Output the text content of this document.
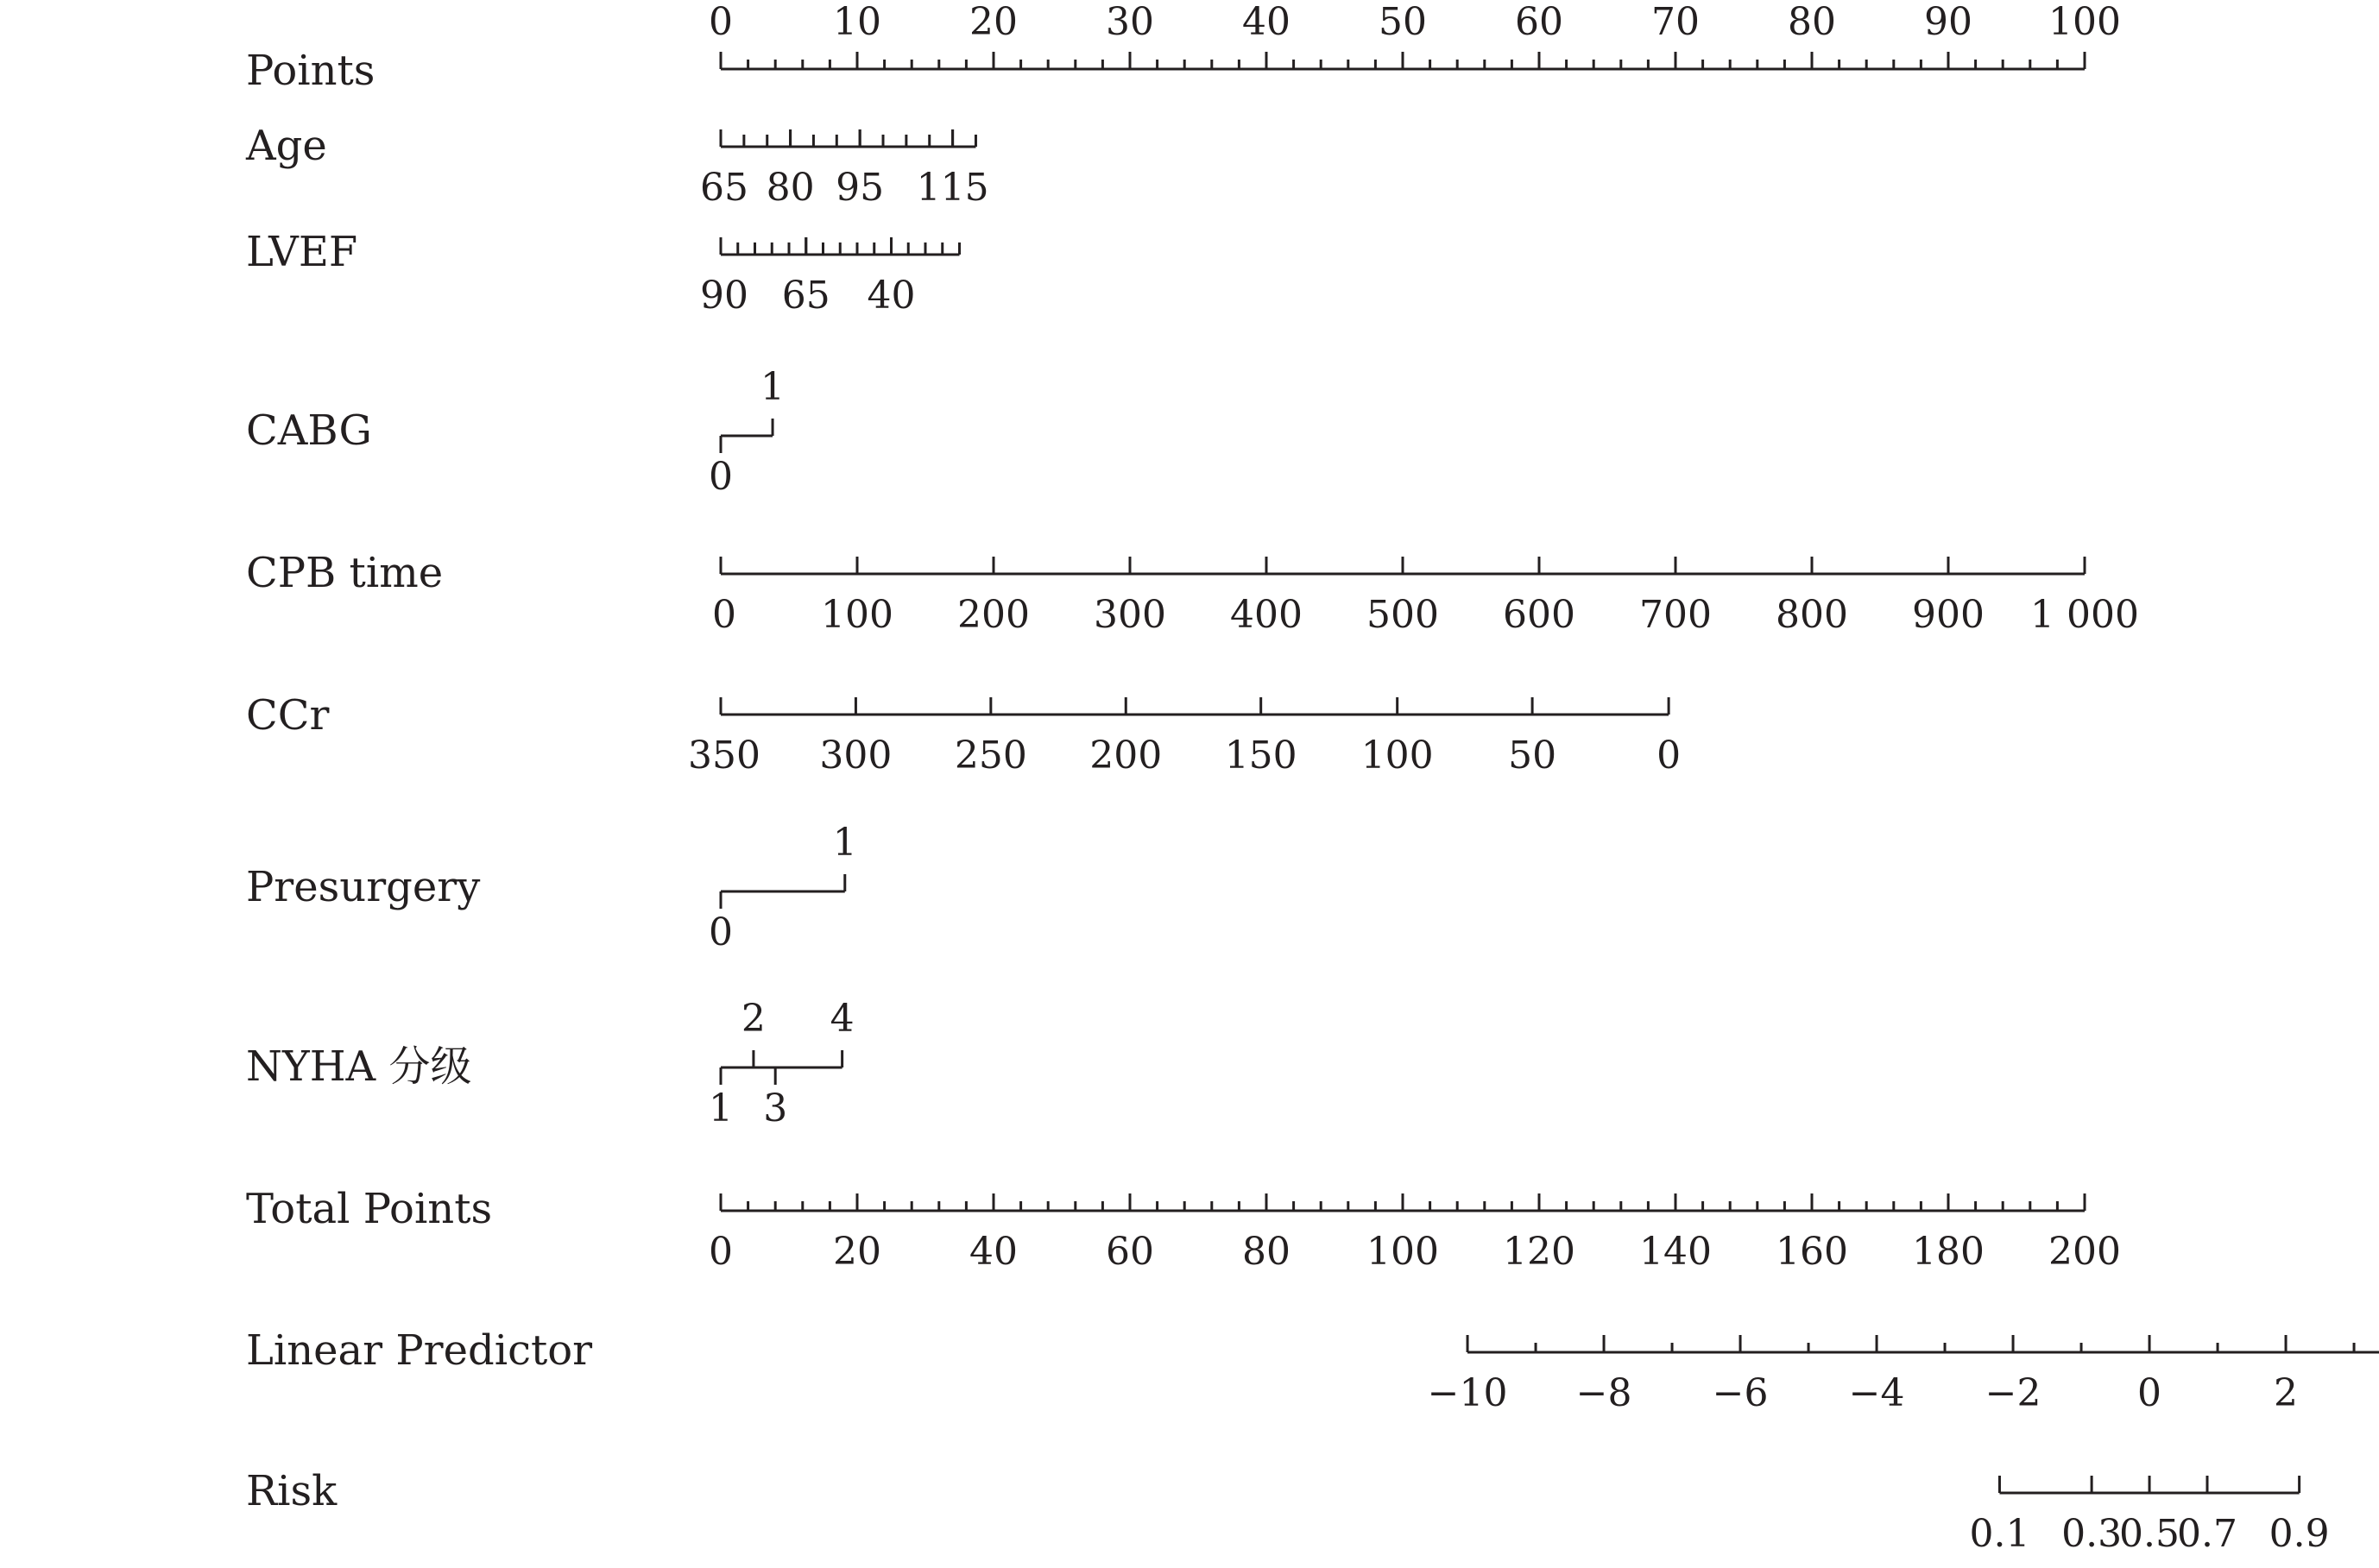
Points
0	10 20 30 40 50 60 70 80 90 100
Age
65 80 95 115
LVEF
90 65 40
CABG
0
1
CPB time
0 100 200 300 400 500 600 700 800 900 1 000
CCr
350 300 250 200 150 100 50	0
Presurgery
0
1
NYHA 分级
1
2
3
4
Total Points
0	20 40 60 80 100 120 140 160 180 200
Linear Predictor
−10 −8 −6 −4 −2	0	2
Risk
0.1 0.3
0.5
0.7 0.9
